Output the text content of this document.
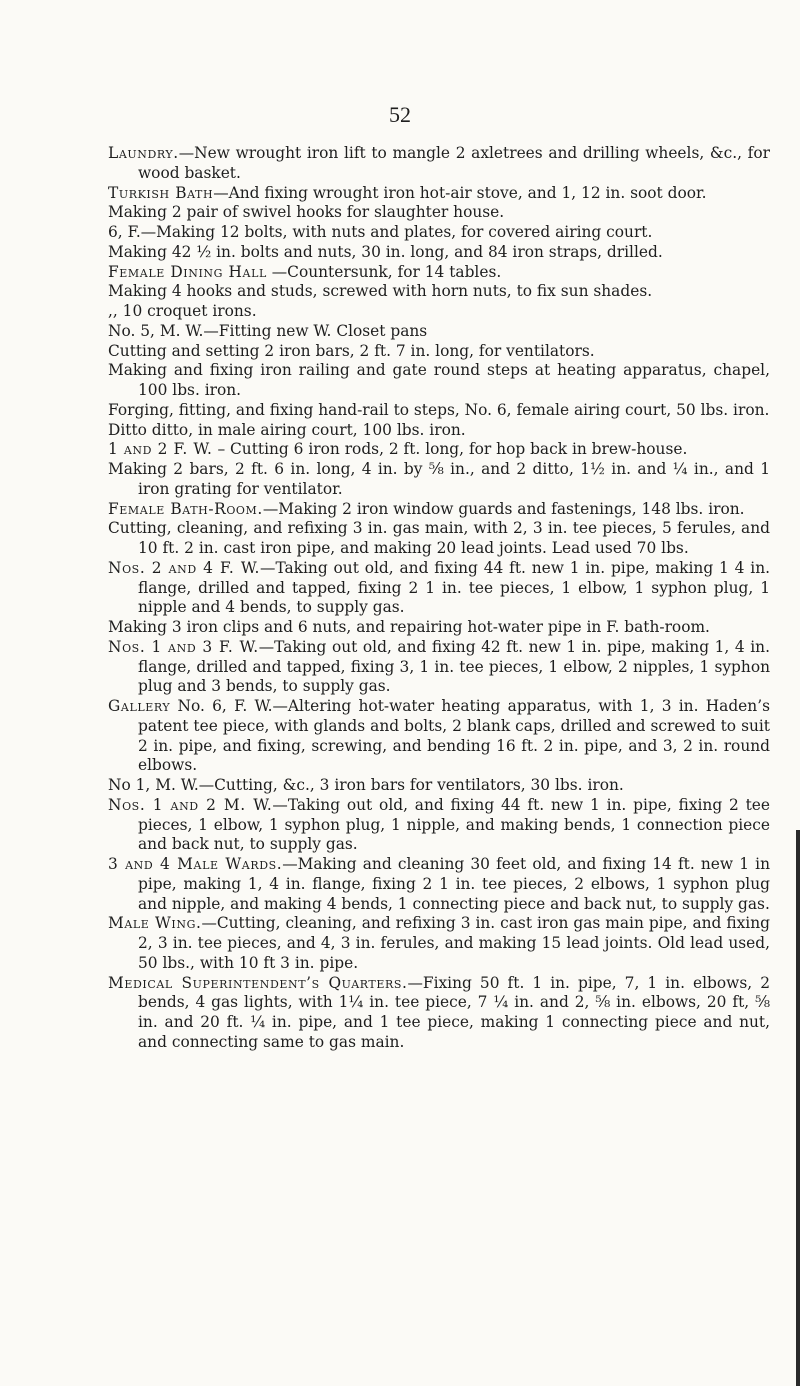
52

Laundry.—New wrought iron lift to mangle 2 axletrees and drilling wheels, &c., for wood basket.

Turkish Bath—And fixing wrought iron hot-air stove, and 1, 12 in. soot door.

Making 2 pair of swivel hooks for slaughter house.

6, F.—Making 12 bolts, with nuts and plates, for covered airing court.

Making 42 ½ in. bolts and nuts, 30 in. long, and 84 iron straps, drilled.

Female Dining Hall —Countersunk, for 14 tables.

Making 4 hooks and studs, screwed with horn nuts, to fix sun shades.

,, 10 croquet irons.

No. 5, M. W.—Fitting new W. Closet pans

Cutting and setting 2 iron bars, 2 ft. 7 in. long, for ventilators.

Making and fixing iron railing and gate round steps at heating apparatus, chapel, 100 lbs. iron.

Forging, fitting, and fixing hand-rail to steps, No. 6, female airing court, 50 lbs. iron.

Ditto ditto, in male airing court, 100 lbs. iron.

1 and 2 F. W. – Cutting 6 iron rods, 2 ft. long, for hop back in brew-house.

Making 2 bars, 2 ft. 6 in. long, 4 in. by ⅝ in., and 2 ditto, 1½ in. and ¼ in., and 1 iron grating for ventilator.

Female Bath-Room.—Making 2 iron window guards and fastenings, 148 lbs. iron.

Cutting, cleaning, and refixing 3 in. gas main, with 2, 3 in. tee pieces, 5 ferules, and 10 ft. 2 in. cast iron pipe, and making 20 lead joints. Lead used 70 lbs.

Nos. 2 and 4 F. W.—Taking out old, and fixing 44 ft. new 1 in. pipe, making 1 4 in. flange, drilled and tapped, fixing 2 1 in. tee pieces, 1 elbow, 1 syphon plug, 1 nipple and 4 bends, to supply gas.

Making 3 iron clips and 6 nuts, and repairing hot-water pipe in F. bath-room.

Nos. 1 and 3 F. W.—Taking out old, and fixing 42 ft. new 1 in. pipe, making 1, 4 in. flange, drilled and tapped, fixing 3, 1 in. tee pieces, 1 elbow, 2 nipples, 1 syphon plug and 3 bends, to supply gas.

Gallery No. 6, F. W.—Altering hot-water heating apparatus, with 1, 3 in. Haden’s patent tee piece, with glands and bolts, 2 blank caps, drilled and screwed to suit 2 in. pipe, and fixing, screwing, and bending 16 ft. 2 in. pipe, and 3, 2 in. round elbows.

No 1, M. W.—Cutting, &c., 3 iron bars for ventilators, 30 lbs. iron.

Nos. 1 and 2 M. W.—Taking out old, and fixing 44 ft. new 1 in. pipe, fixing 2 tee pieces, 1 elbow, 1 syphon plug, 1 nipple, and making bends, 1 connection piece and back nut, to supply gas.

3 and 4 Male Wards.—Making and cleaning 30 feet old, and fixing 14 ft. new 1 in pipe, making 1, 4 in. flange, fixing 2 1 in. tee pieces, 2 elbows, 1 syphon plug and nipple, and making 4 bends, 1 connecting piece and back nut, to supply gas.

Male Wing.—Cutting, cleaning, and refixing 3 in. cast iron gas main pipe, and fixing 2, 3 in. tee pieces, and 4, 3 in. ferules, and making 15 lead joints. Old lead used, 50 lbs., with 10 ft 3 in. pipe.

Medical Superintendent’s Quarters.—Fixing 50 ft. 1 in. pipe, 7, 1 in. elbows, 2 bends, 4 gas lights, with 1¼ in. tee piece, 7 ¼ in. and 2, ⅝ in. elbows, 20 ft, ⅝ in. and 20 ft. ¼ in. pipe, and 1 tee piece, making 1 connecting piece and nut, and connecting same to gas main.
